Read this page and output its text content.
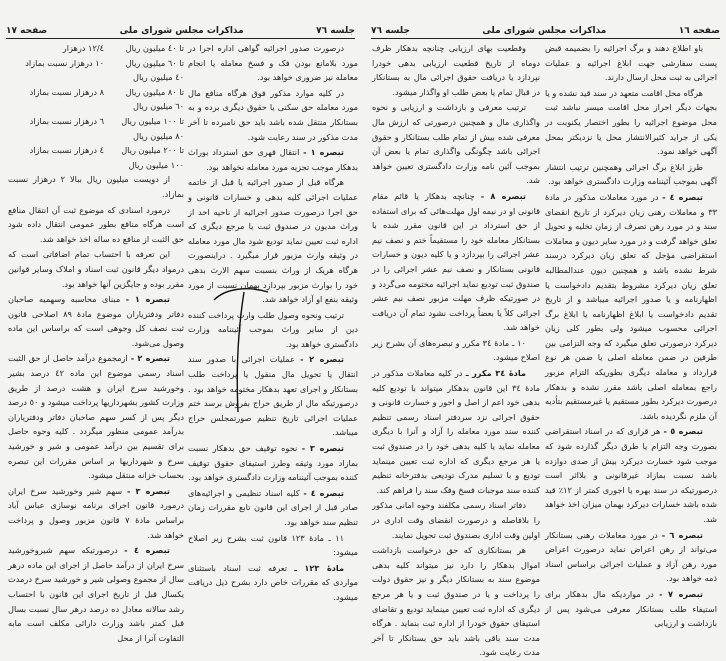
صفحه ١٦
مذاکرات مجلس شورای ملی
جلسه ٧٦

باو اطلاع دهند و برگ اجرائیه را بضمیمه قبض پست سفارشی جهت ابلاغ اجرائیه و عملیات اجرائی به ثبت محل ارسال دارند.

هرگاه محل اقامت متعهد در سند قید نشده و یا بجهات دیگر احراز محل اقامت میسر نباشد ثبت محل موضوع اجرائیه را بطور اختصار یکنوبت در یکی از جراید کثیرالانتشار محل یا نزدیکتر بمحل آگهی خواهد نمود.

طرز ابلاغ برگ اجرائی وهمچنین ترتیب انتشار آگهی بموجب آئیننامه وزارت دادگستری خواهد بود.

تبصره ٤ - در مورد معاملات مذکور در مادهٔ ٣٣ و معاملات رهنی زیان دیرکرد از تاریخ انقضای سند و در مورد رهن تصرف از زمان تخلیه و تحویل تعلق خواهد گرفت و در مورد سایر دیون و معاملات استقراضی مؤجل که تعلق زیان دیرکرد درسند شرط نشده باشد و همچنین دیون عندالمطالبه تعلق زیان دیرکرد مشروط بتقدیم دادخواست یا اظهارنامه و یا صدور اجرائیه میباشد و از تاریخ تقدیم دادخواست یا ابلاغ اظهارنامه یا ابلاغ برگ اجرائی محسوب میشود ولی بطور کلی زیان دیرکرد درصورتی تعلق میگیرد که وجه التزامی بین طرفین در ضمن معامله اصلی یا ضمن هر نوع قرارداد و معامله دیگری بطوریکه التزام مزبور راجع بمعامله اصلی باشد مقرر نشده و بدهکار درصورت دیرکرد بطور مستقیم یا غیرمستقیم بتأدیه آن ملزم نگردیده باشد.

تبصره ٥ - هر قراری که در اسناد استقراضی بصورت وجه التزام یا طرق دیگر گذارده شود که موجب شود خسارت دیرکرد بیش از صدی دوازده باشد نسبت بمازاد غیرقانونی و بلااثر است درصورتیکه در سند بهره یا اجوری کمتر از ١٢٪ قید شده باشد خسارات دیرکرد بهمان میزان اخذ خواهد شد.

تبصره ٦ - در مورد معاملات رهنی بستانکار می‌تواند از رهن اعراض نماید درصورت اعراض مورد رهن آزاد و عملیات اجرائی براساس اسناد ذمه خواهد بود.

تبصره ٧ - در مواردیکه مال بدهکار برای استیفاء طلب بستانکار معرفی می‌شود پس از بازداشت و ارزیابی

وقطعیت بهای ارزیابی چنانچه بدهکار ظرف دوماه از تاریخ قطعیت ارزیابی بدهی خودرا نپردازد یا دریافت حقوق اجرائی مال به بستانکار در قبال تمام یا بعض طلب او واگذار میشود.

ترتیب معرفی و بازداشت و ارزیابی و نحوه واگذاری مال و همچنین درصورتی که ارزش مال معرفی شده بیش از تمام طلب بستانکار و حقوق اجرائی باشد چگونگی واگذاری تمام یا بعض آن بموجب آئین نامه وزارت دادگستری تعیین خواهد شد.

تبصره ٨ - چنانچه بدهکار یا قائم مقام قانونی او در نیمه اول مهلت‌هائی که برای استفاده از حق استرداد در این قانون مقرر شده با بستانکار معامله خود را مستقیماً ختم و نصف نیم عشر اجرائی را بپردازد و یا کلیه دیون و خسارات قانونی بستانکار و نصف نیم عشر اجرائی را در صندوق ثبت تودیع نماید اجرائیه مختومه می‌گردد و در صورتیکه ظرف مهلت مزبور نصف نیم عشر اجرائی کلاً یا بعضاً پرداخت نشود تمام آن دریافت خواهد شد.

١٠ ـ مادهٔ ٣٤ مکرر و تبصره‌های آن بشرح زیر اصلاح میشود.

مادهٔ ٣٤ مکرر ـ در کلیه معاملات مذکور در مادهٔ ٣٤ این قانون بدهکار میتواند با تودیع کلیه بدهی خود اعم از اصل و اجور و خسارت قانونی و حقوق اجرائی نزد سردفتر اسناد رسمی تنظیم کننده سند مورد معامله را آزاد و آنرا با دیگری معامله نماید یا کلیه بدهی خود را در صندوق ثبت یا هر مرجع دیگری که اداره ثبت تعیین مینماید تودیع و با تسلیم مدرک تودیعی بدفترخانه تنظیم کننده سند موجبات فسخ وفک سند را فراهم کند.

دفاتر اسناد رسمی مکلفند وجوه امانی مذکور را بلافاصله و درصورت انقضای وقت اداری در اولین وقت اداری بصندوق ثبت تحویل نمایند.

هر بستانکاری که حق درخواست بازداشت اموال بدهکار را دارد نیز میتواند کلیه بدهی موضوع سند به بستانکار دیگر و نیز حقوق دولت را پرداخت و یا در صندوق ثبت و یا هر مرجع دیگری که اداره ثبت تعیین مینماید تودیع و تقاضای استیفای حقوق خودرا از اداره ثبت بنماید . هرگاه مدت سند باقی باشد باید حق بستانکار تا آخر مدت رعایت شود.

جلسه ٧٦
مذاکرات مجلس شورای ملی
صفحه ١٧

درصورت صدور اجرائیه گواهی اداره اجرا در مورد بلامانع بودن فک و فسخ معامله یا انجام معامله نیز ضروری خواهد بود.

در کلیه موارد مذکور فوق هرگاه منافع مال مورد معامله حق سکنی یا حقوق دیگری برده و به بستانکار منتقل شده باشد باید حق نامبرده تا آخر مدت مذکور در سند رعایت شود.

تبصره ١ - انتقال قهری حق استرداد بوراث بدهکار موجب تجزیه مورد معامله نخواهد بود.

هرگاه قبل از صدور اجرائیه یا قبل از خاتمه عملیات اجرائی کلیه بدهی و خسارات قانونی و حق اجرا درصورت صدور اجرائیه از ناحیه احد از وراث مدیون در صندوق ثبت یا مرجع دیگری که اداره ثبت تعیین نماید تودیع شود مال مورد معامله در وثیقه وارث مزبور قرار میگیرد . دراینصورت هرگاه هریک از وراث بنسبت سهم الارث بدهی خود را بوارث مزبور بپردازد بهمان نسبت از مورد وثیقه بنفع او آزاد خواهد شد.

ترتیب ونحوه وصول طلب وارث پرداخت کننده دین از سایر وراث بموجب آئیننامه وزارت دادگستری خواهد بود.

تبصره ٢ - عملیات اجرائی با صدور سند انتقال یا تحویل مال منقول یا پرداخت طلب بستانکار و اجرای تعهد بدهکار مختومه خواهد بود . درصورتیکه مال از طریق حراج بفروش برسد ختم عملیات اجرائی تاریخ تنظیم صورتمجلس حراج میباشد.

تبصره ٣ - نحوه توقیف حق بدهکار نسبت بمازاد مورد وثیقه وطرز استیفای حقوق توقیف کننده بموجب آئیننامه وزارت دادگستری خواهد بود.

تبصره ٤ - کلیه اسناد تنظیمی و اجرائیه‌های صادر قبل از اجرای این قانون تابع مقررات زمان تنظیم سند خواهد بود.

١١ ـ مادهٔ ١٢٣ قانون ثبت بشرح زیر اصلاح میشود:

مادهٔ ١٢٣ ـ تعرفه ثبت اسناد باستثنای مواردی که مقررات خاص دارد بشرح ذیل دریافت میشود.

تا ٤٠ میلیون ریال
١٢/٤ درهزار
تا ٦٠ میلیون ریال
١٠ درهزار نسبت بمازاد
٤٠ میلیون ریال
تا ٨٠ میلیون ریال
٨ درهزار نسبت بمازاد
٦٠ میلیون ریال
تا ١٠٠ میلیون ریال
٦ درهزار نسبت بمازاد
٨٠ میلیون ریال
تا ٢٠٠ میلیون ریال
٤ درهزار نسبت بمازاد
١٠٠ میلیون ریال

از دویست میلیون ریال ببالا ٢ درهزار نسبت بمازاد.

درمورد اسنادی که موضوع ثبت آن انتقال منافع است هرگاه منافع بطور عمومی انتقال داده شود حق الثبت از منافع ده ساله اخذ خواهد شد.

این تعرفه با احتساب تمام اضافاتی است که درمواد دیگر قانون ثبت اسناد و املاک وسایر قوانین مقرر بوده و جایگزین آنها خواهد بود.

تبصره ١ - مبنای محاسبه وسهمیه صاحبان دفاتر ودفتریاران موضوع مادهٔ ٨٩ اصلاحی قانون ثبت نصف کل وجوهی است که براساس این ماده وصول می‌شود.

تبصره ٢ - ازمجموع درآمد حاصل از حق الثبت اسناد رسمی موضوع این ماده ٤٢ درصد بشیر وخورشید سرخ ایران و هشت درصد از طریق وزارت کشور بشهرداریها پرداخت میشود و ٥٠ درصد دیگر پس از کسر سهم صاحبان دفاتر ودفتریاران بدرآمد عمومی منظور میگردد . کلیه وجوه حاصل برای تقسیم بین درآمد عمومی و شیر و خورشید سرخ و شهرداریها بر اساس مقررات این تبصره بحساب خزانه منتقل میشود.

تبصره ٣ - سهم شیر وخورشید سرخ ایران درمورد قانون اجرای برنامه نوسازی عباس آباد براساس مادهٔ ٧ قانون مزبور وصول و پرداخت خواهد شد.

تبصره ٤ - درصورتیکه سهم شیروخورشید سرخ ایران از درآمد حاصل از اجرای این ماده درهر سال از مجموع وصولی شیر و خورشید سرخ درمدت یکسال قبل از تاریخ اجرای این قانون با احتساب رشد سالانه معادل ده درصد درهر سال نسبت بسال قبل کمتر باشد وزارت دارائی مکلف است مابه التفاوت آنرا از محل
